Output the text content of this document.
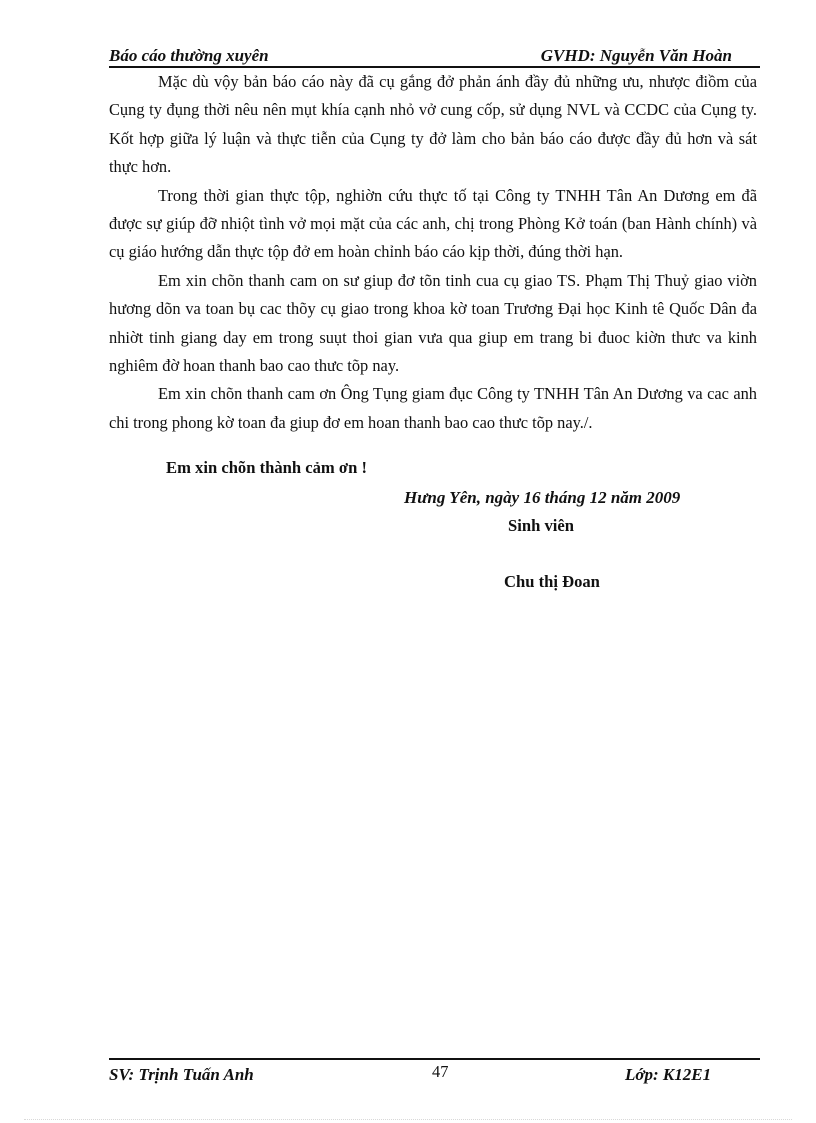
Báo cáo thường xuyên	GVHD: Nguyễn Văn Hoàn

Mặc dù vộy bản báo cáo này đã cụ gắng đở phản ánh đầy đủ những ưu, nhược điồm của Cụng ty đụng thời nêu nên mụt khía cạnh nhỏ vở cung cốp, sử dụng NVL và CCDC của Cụng ty. Kốt hợp giữa lý luận và thực tiễn của Cụng ty đở làm cho bản báo cáo được đầy đủ hơn và sát thực hơn.

Trong thời gian thực tộp, nghiờn cứu thực tố tại Công ty TNHH Tân An Dương em đã được sự giúp đỡ nhiột tình vở mọi mặt của các anh, chị trong Phòng Kở toán (ban Hành chính) và cụ giáo hướng dẫn thực tộp đở em hoàn chỉnh báo cáo kịp thời, đúng thời hạn.

Em xin chõn thanh cam on sư giup đơ tõn tinh cua cụ giao TS. Phạm Thị Thuỷ giao viờn hương dõn va toan bụ cac thõy cụ giao trong khoa kờ toan Trương Đại học Kinh tê Quốc Dân đa nhiờt tinh giang day em trong suụt thoi gian vưa qua giup em trang bi đuoc kiờn thưc va kinh nghiêm đờ hoan thanh bao cao thưc tõp nay.

Em xin chõn thanh cam ơn Ông Tụng giam đục Công ty TNHH Tân An Dương va cac anh chi trong phong kờ toan đa giup đơ em hoan thanh bao cao thưc tõp nay./.

Em xin chõn thành cảm ơn !
Hưng Yên, ngày 16 tháng 12 năm 2009
Sinh viên
Chu thị Đoan
SV: Trịnh Tuấn Anh	47	Lớp: K12E1
